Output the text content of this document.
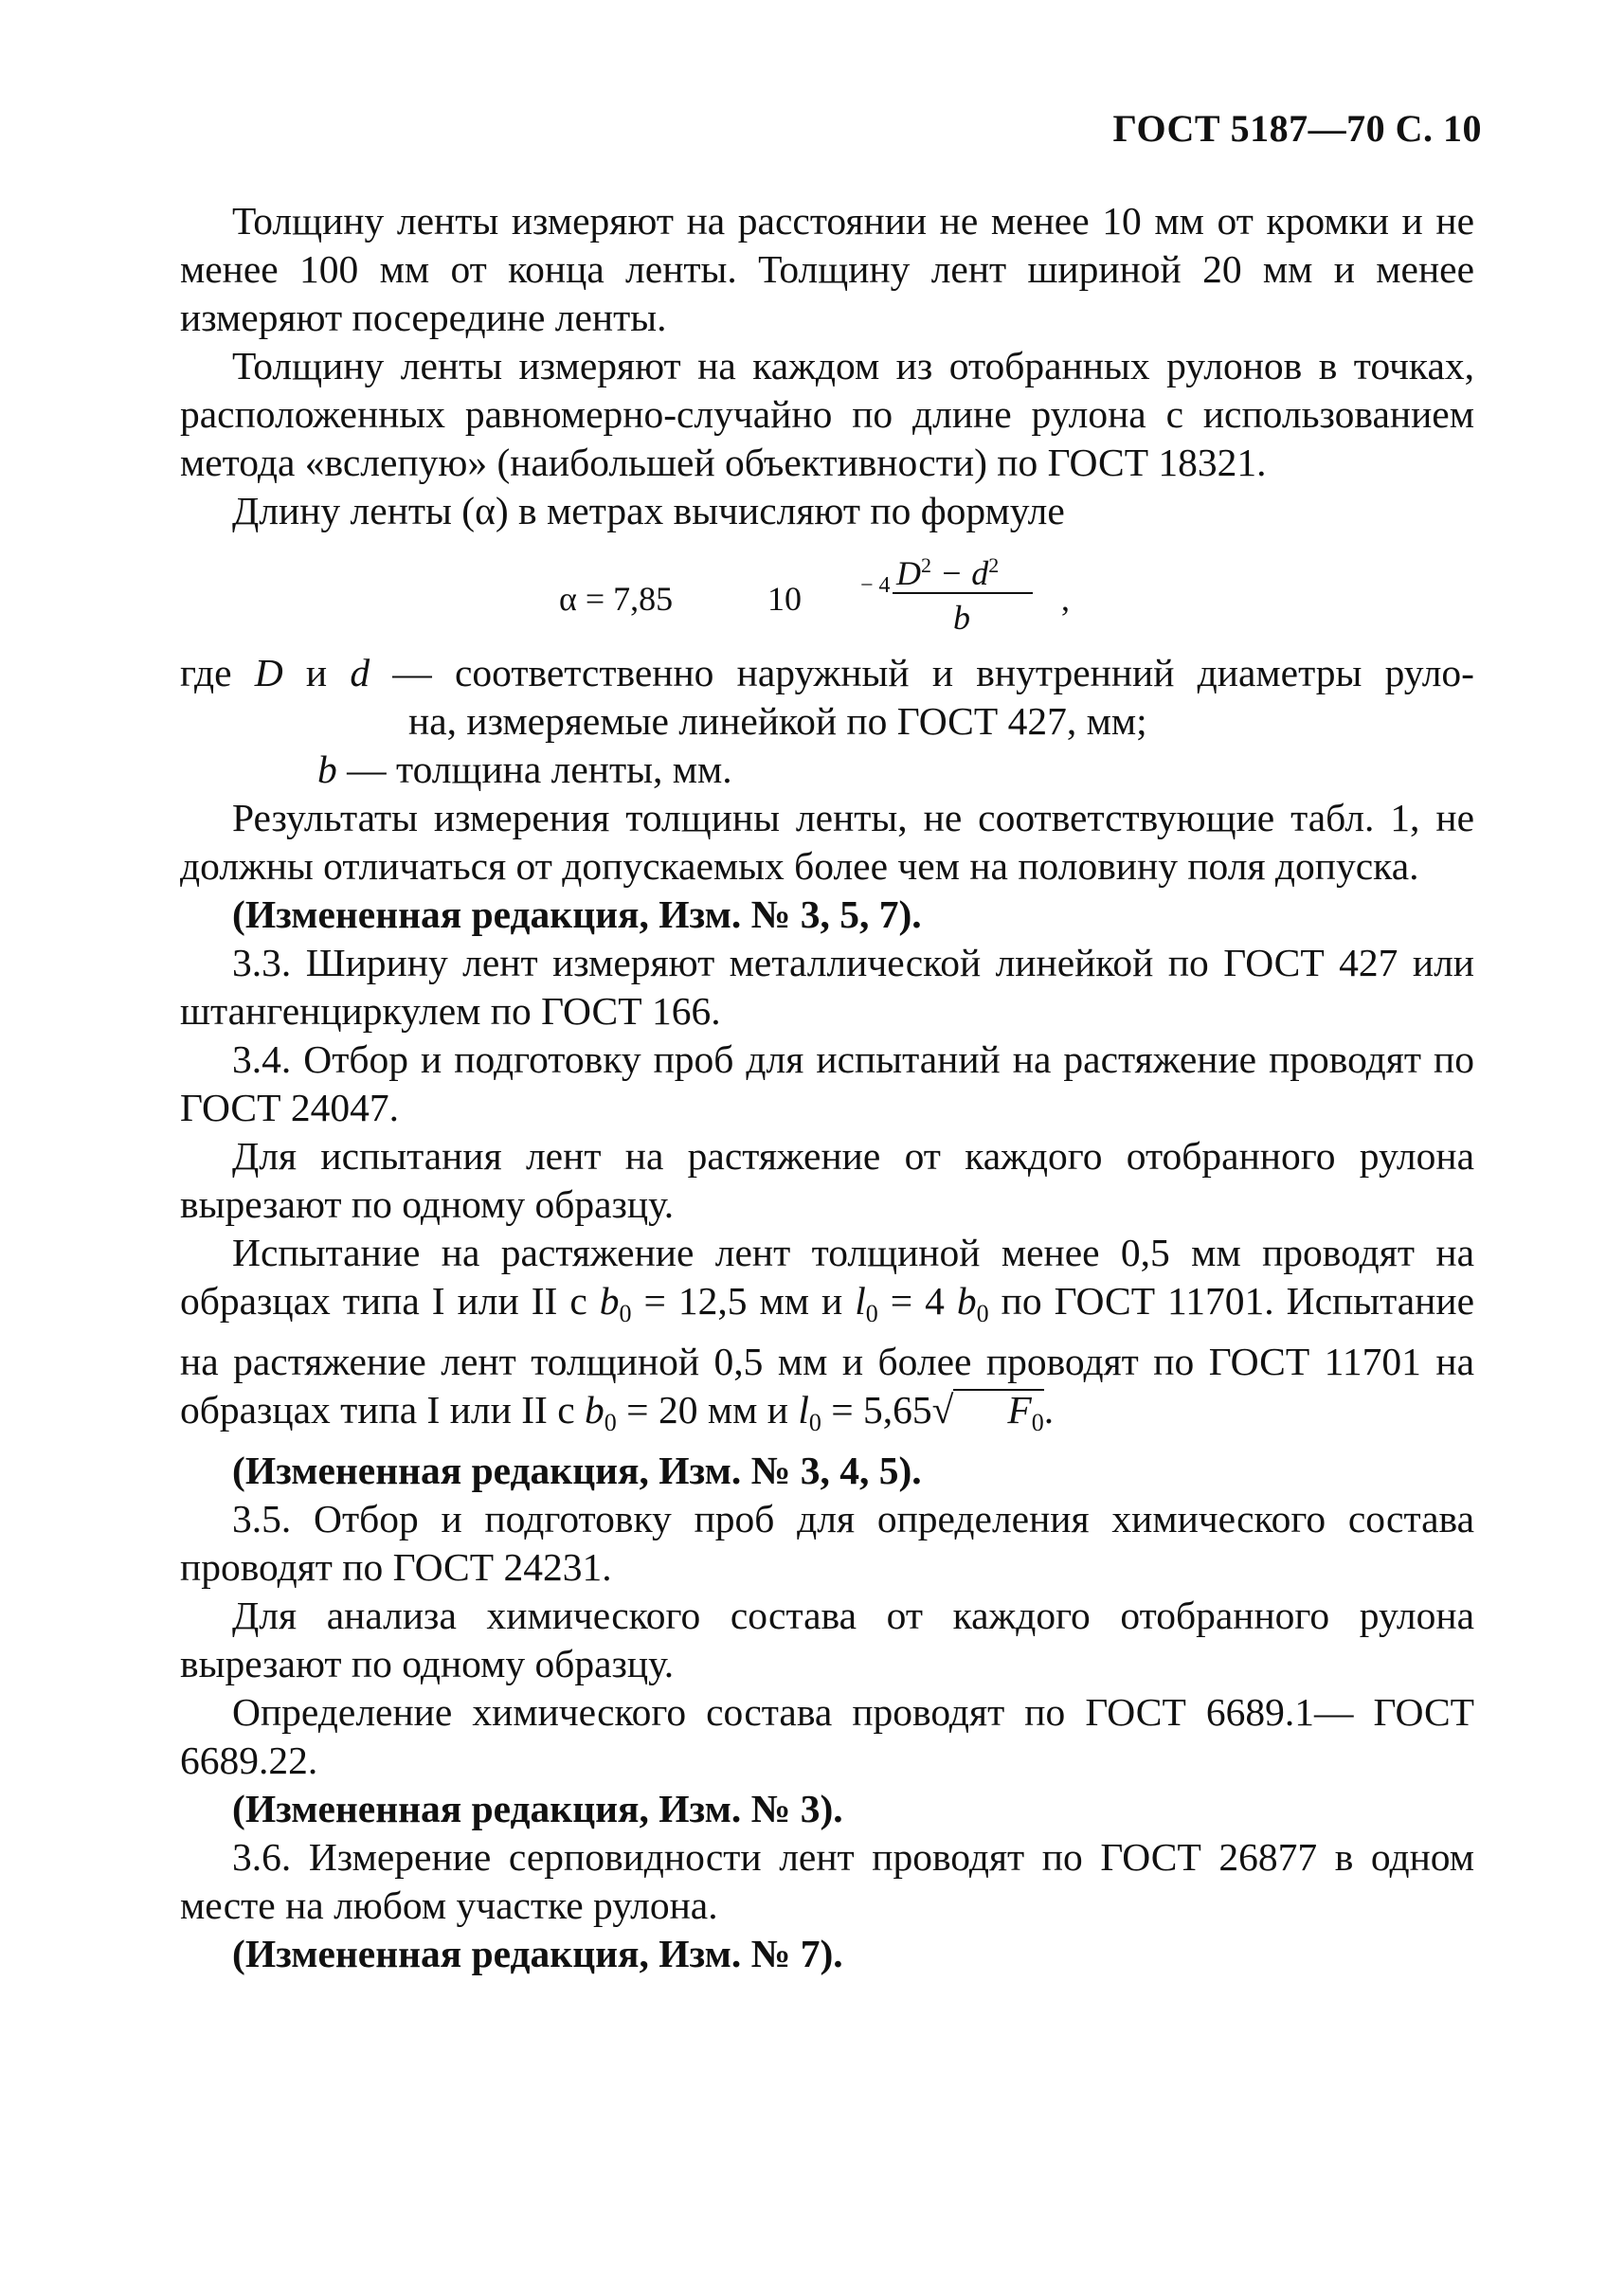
ГОСТ 5187—70 С. 10

Толщину ленты измеряют на расстоянии не менее 10 мм от кромки и не менее 100 мм от конца ленты. Толщину лент шириной 20 мм и менее измеряют посередине ленты.

Толщину ленты измеряют на каждом из отобранных рулонов в точках, расположенных равномерно-случайно по длине рулона с использованием метода «вслепую» (наибольшей объективности) по ГОСТ 18321.

Длину ленты (α) в метрах вычисляют по формуле

α = 7,85	10	− 4 $D^2 - d^2$
b	,
где D и d — соответственно наружный и внутренний диаметры руло-
на, измеряемые линейкой по ГОСТ 427, мм;
b — толщина ленты, мм.

Результаты измерения толщины ленты, не соответствующие табл. 1, не должны отличаться от допускаемых более чем на половину поля допуска.

(Измененная редакция, Изм. № 3, 5, 7).

3.3. Ширину лент измеряют металлической линейкой по ГОСТ 427 или штангенциркулем по ГОСТ 166.

3.4. Отбор и подготовку проб для испытаний на растяжение проводят по ГОСТ 24047.

Для испытания лент на растяжение от каждого отобранного рулона вырезают по одному образцу.

Испытание на растяжение лент толщиной менее 0,5 мм проводят на образцах типа I или II с $b_0 = 12,5$ мм и $l_0 = 4$ $b_0$ по ГОСТ 11701. Испытание на растяжение лент толщиной 0,5 мм и более проводят по ГОСТ 11701 на образцах типа I или II с $b_0 = 20$ мм и $l_0 = 5,65√$ $F_0$.

(Измененная редакция, Изм. № 3, 4, 5).

3.5. Отбор и подготовку проб для определения химического состава проводят по ГОСТ 24231.

Для анализа химического состава от каждого отобранного рулона вырезают по одному образцу.

Определение химического состава проводят по ГОСТ 6689.1— ГОСТ 6689.22.

(Измененная редакция, Изм. № 3).

3.6. Измерение серповидности лент проводят по ГОСТ 26877 в одном месте на любом участке рулона.

(Измененная редакция, Изм. № 7).
